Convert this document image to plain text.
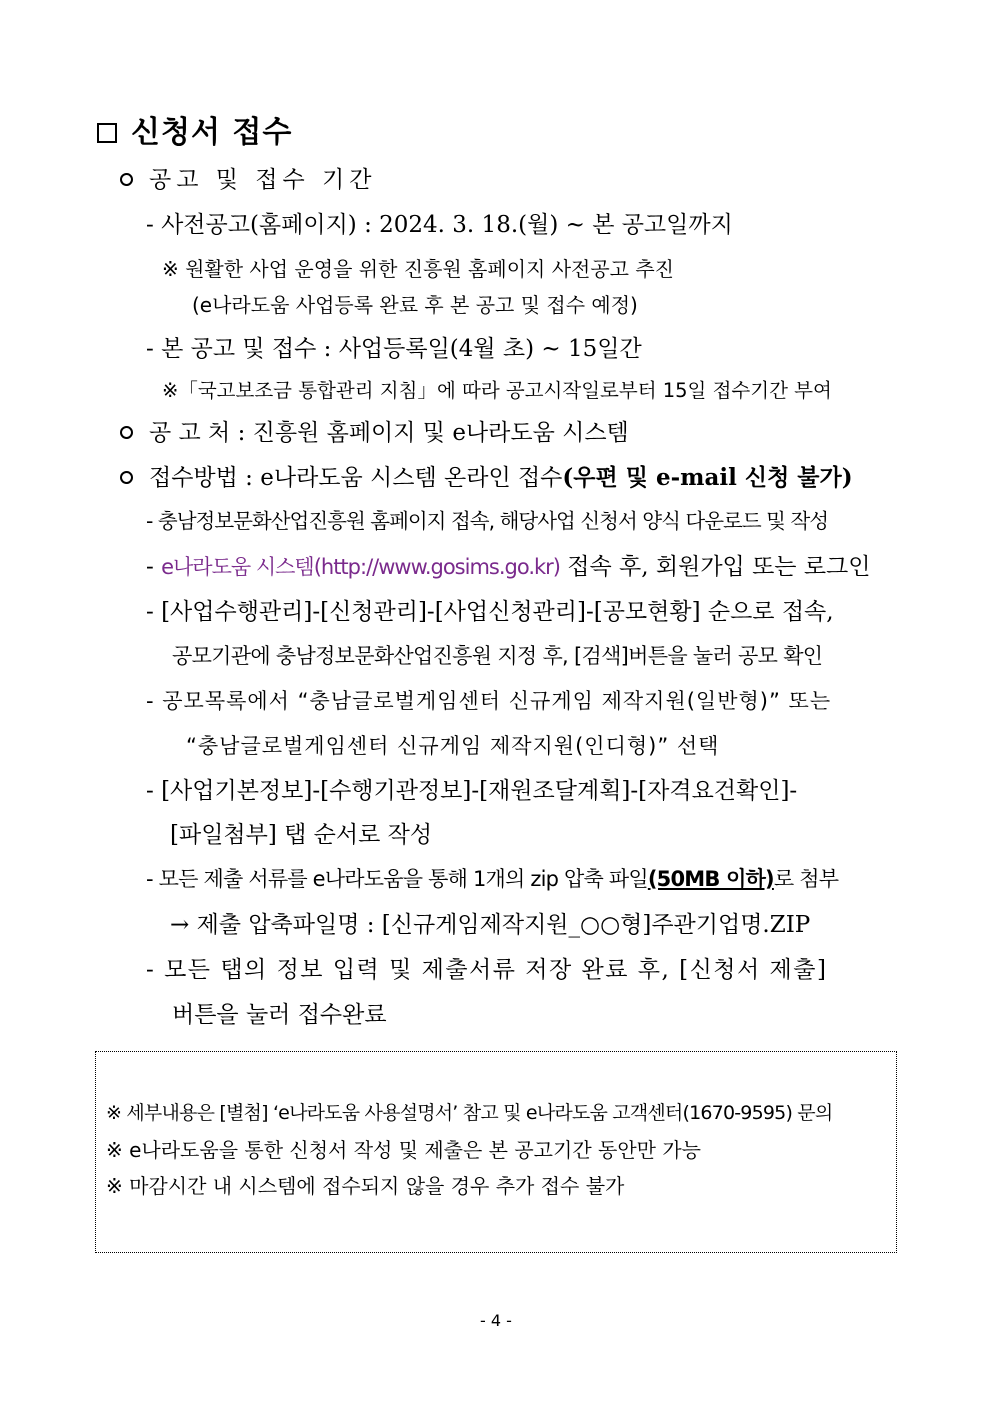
신청서 접수
공고 및 접수 기간
- 사전공고(홈페이지) : 2024. 3. 18.(월) ~ 본 공고일까지
※ 원활한 사업 운영을 위한 진흥원 홈페이지 사전공고 추진
(e나라도움 사업등록 완료 후 본 공고 및 접수 예정)
- 본 공고 및 접수 : 사업등록일(4월 초) ~ 15일간
※「국고보조금 통합관리 지침」에 따라 공고시작일로부터 15일 접수기간 부여
공 고 처 : 진흥원 홈페이지 및 e나라도움 시스템
접수방법 : e나라도움 시스템 온라인 접수(우편 및 e-mail 신청 불가)
- 충남정보문화산업진흥원 홈페이지 접속, 해당사업 신청서 양식 다운로드 및 작성
- e나라도움 시스템(http://www.gosims.go.kr) 접속 후, 회원가입 또는 로그인
- [사업수행관리]-[신청관리]-[사업신청관리]-[공모현황] 순으로 접속,
공모기관에 충남정보문화산업진흥원 지정 후, [검색]버튼을 눌러 공모 확인
- 공모목록에서 “충남글로벌게임센터 신규게임 제작지원(일반형)” 또는
“충남글로벌게임센터 신규게임 제작지원(인디형)” 선택
- [사업기본정보]-[수행기관정보]-[재원조달계획]-[자격요건확인]-
[파일첨부] 탭 순서로 작성
- 모든 제출 서류를 e나라도움을 통해 1개의 zip 압축 파일(50MB 이하)로 첨부
→ 제출 압축파일명 : [신규게임제작지원_○○형]주관기업명.ZIP
- 모든 탭의 정보 입력 및 제출서류 저장 완료 후, [신청서 제출]
버튼을 눌러 접수완료
※ 세부내용은 [별첨] ‘e나라도움 사용설명서’ 참고 및 e나라도움 고객센터(1670-9595) 문의
※ e나라도움을 통한 신청서 작성 및 제출은 본 공고기간 동안만 가능
※ 마감시간 내 시스템에 접수되지 않을 경우 추가 접수 불가
- 4 -
